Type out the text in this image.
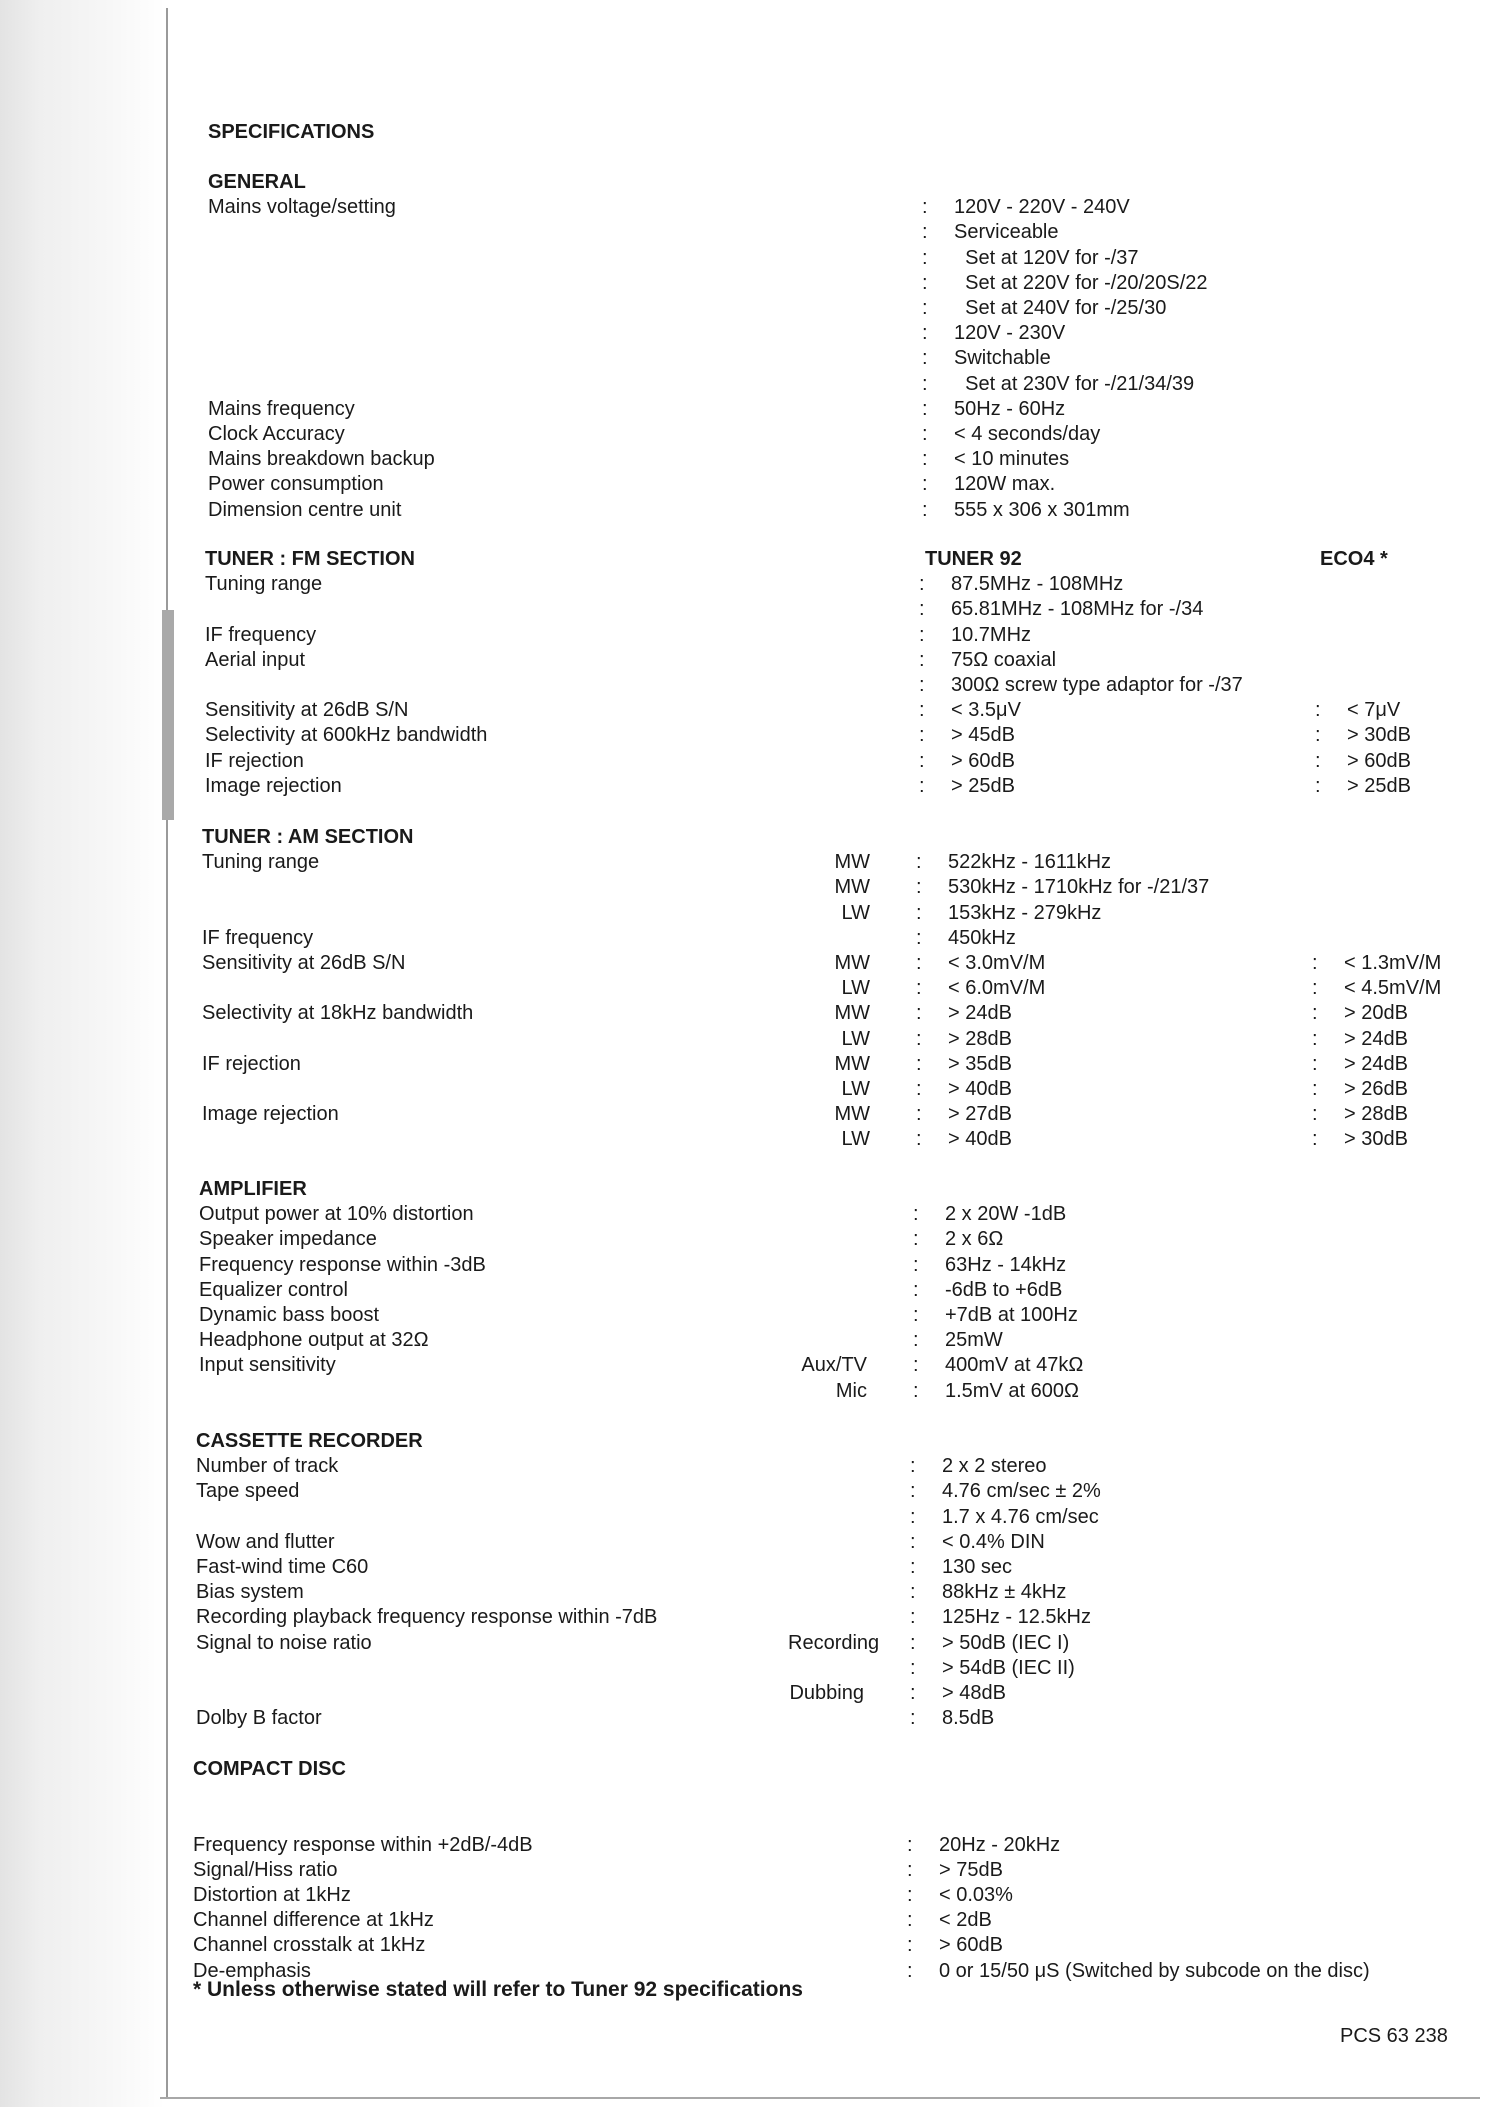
SPECIFICATIONS
GENERAL
Mains voltage/setting	: 120V - 220V - 240V
: Serviceable
: Set at 120V for -/37
: Set at 220V for -/20/20S/22
: Set at 240V for -/25/30
: 120V - 230V
: Switchable
: Set at 230V for -/21/34/39
Mains frequency	: 50Hz - 60Hz
Clock Accuracy	: < 4 seconds/day
Mains breakdown backup	: < 10 minutes
Power consumption	: 120W max.
Dimension centre unit	: 555 x 306 x 301mm
TUNER : FM SECTION	TUNER 92	ECO4 *
Tuning range	: 87.5MHz - 108MHz
: 65.81MHz - 108MHz for -/34
IF frequency	: 10.7MHz
Aerial input	: 75Ω coaxial
: 300Ω screw type adaptor for -/37
Sensitivity at 26dB S/N	: < 3.5μV	: < 7μV
Selectivity at 600kHz bandwidth	: > 45dB	: > 30dB
IF rejection	: > 60dB	: > 60dB
Image rejection	: > 25dB	: > 25dB
TUNER : AM SECTION
Tuning range	MW : 522kHz - 1611kHz
MW : 530kHz - 1710kHz for -/21/37
LW : 153kHz - 279kHz
IF frequency	: 450kHz
Sensitivity at 26dB S/N	MW : < 3.0mV/M	: < 1.3mV/M
LW : < 6.0mV/M	: < 4.5mV/M
Selectivity at 18kHz bandwidth	MW : > 24dB	: > 20dB
LW : > 28dB	: > 24dB
IF rejection	MW : > 35dB	: > 24dB
LW : > 40dB	: > 26dB
Image rejection	MW : > 27dB	: > 28dB
LW : > 40dB	: > 30dB
AMPLIFIER
Output power at 10% distortion	: 2 x 20W -1dB
Speaker impedance	: 2 x 6Ω
Frequency response within -3dB	: 63Hz - 14kHz
Equalizer control	: -6dB to +6dB
Dynamic bass boost	: +7dB at 100Hz
Headphone output at 32Ω	: 25mW
Input sensitivity	Aux/TV : 400mV at 47kΩ
Mic : 1.5mV at 600Ω
CASSETTE RECORDER
Number of track	: 2 x 2 stereo
Tape speed	: 4.76 cm/sec ± 2%
: 1.7 x 4.76 cm/sec
Wow and flutter	: < 0.4% DIN
Fast-wind time C60	: 130 sec
Bias system	: 88kHz ± 4kHz
Recording playback frequency response within -7dB	: 125Hz - 12.5kHz
Signal to noise ratio	Recording : > 50dB (IEC I)
: > 54dB (IEC II)
Dubbing : > 48dB
Dolby B factor	: 8.5dB
COMPACT DISC
Frequency response within +2dB/-4dB	: 20Hz - 20kHz
Signal/Hiss ratio	: > 75dB
Distortion at 1kHz	: < 0.03%
Channel difference at 1kHz	: < 2dB
Channel crosstalk at 1kHz	: > 60dB
De-emphasis	: 0 or 15/50 μS (Switched by subcode on the disc)
* Unless otherwise stated will refer to Tuner 92 specifications
PCS 63 238
